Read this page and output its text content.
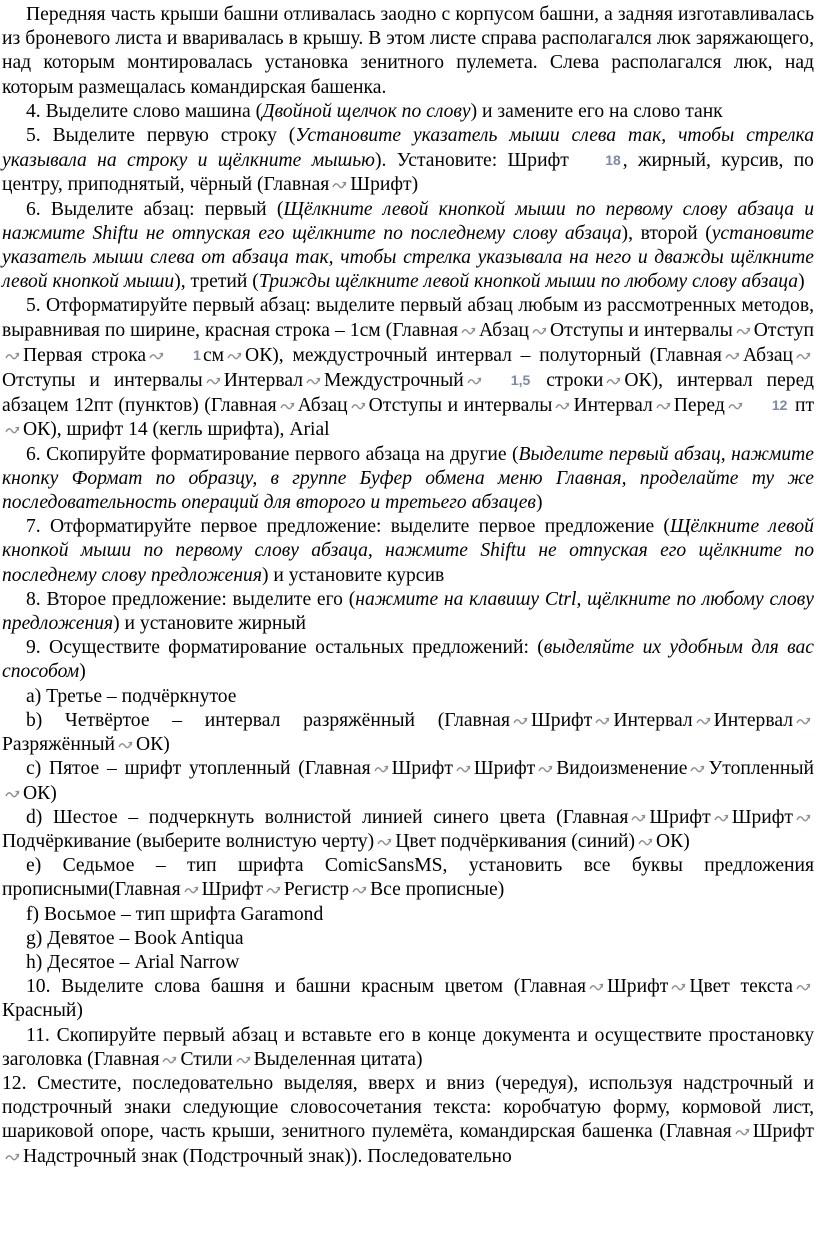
Передняя часть крыши башни отливалась заодно с корпусом башни, а задняя изготавливалась из броневого листа и вваривалась в крышу. В этом листе справа располагался люк заряжающего, над которым монтировалась установка зенитного пулемета. Слева располагался люк, над которым размещалась командирская башенка.

4. Выделите слово машина (Двойной щелчок по слову) и замените его на слово танк

5. Выделите первую строку (Установите указатель мыши слева так, чтобы стрелка указывала на строку и щёлкните мышью). Установите: Шрифт	18 , жирный, курсив, по центру, приподнятый, чёрный (Главная Шрифт)

6. Выделите абзац: первый (Щёлкните левой кнопкой мыши по первому слову абзаца и нажмите Shiftи не отпуская его щёлкните по последнему слову абзаца), второй (установите указатель мыши слева от абзаца так, чтобы стрелка указывала на него и дважды щёлкните левой кнопкой мыши), третий (Трижды щёлкните левой кнопкой мыши по любому слову абзаца)

5. Отформатируйте первый абзац: выделите первый абзац любым из рассмотренных методов, выравнивая по ширине, красная строка – 1см (Главная Абзац Отступы и интервалы Отступ
Первая строка	1 см ОК), междустрочный интервал – полуторный (Главная Абзац
Отступы и интервалы Интервал Междустрочный	1,5 строки ОК), интервал перед абзацем 12пт (пунктов) (Главная Абзац Отступы и интервалы Интервал Перед	12 пт
ОК), шрифт 14 (кегль шрифта), Arial

6. Скопируйте форматирование первого абзаца на другие (Выделите первый абзац, нажмите кнопку Формат по образцу, в группе Буфер обмена меню Главная, проделайте ту же последовательность операций для второго и третьего абзацев)

7. Отформатируйте первое предложение: выделите первое предложение (Щёлкните левой кнопкой мыши по первому слову абзаца, нажмите Shiftи не отпуская его щёлкните по последнему слову предложения) и установите курсив

8. Второе предложение: выделите его (нажмите на клавишу Ctrl, щёлкните по любому слову предложения) и установите жирный

9. Осуществите форматирование остальных предложений: (выделяйте их удобным для вас способом)

a) Третье – подчёркнутое

b) Четвёртое – интервал разряжённый (Главная Шрифт Интервал Интервал
Разряжённый ОК)

c) Пятое – шрифт утопленный (Главная Шрифт Шрифт Видоизменение Утопленный
ОК)

d) Шестое – подчеркнуть волнистой линией синего цвета (Главная Шрифт Шрифт
Подчёркивание (выберите волнистую черту) Цвет подчёркивания (синий) ОК)

e) Седьмое – тип шрифта ComicSansMS, установить все буквы предложения прописными(Главная Шрифт Регистр Все прописные)

f) Восьмое – тип шрифта Garamond

g) Девятое – Book Antiqua

h) Десятое – Arial Narrow

10. Выделите слова башня и башни красным цветом (Главная Шрифт Цвет текста
Красный)

11. Скопируйте первый абзац и вставьте его в конце документа и осуществите простановку заголовка (Главная Стили Выделенная цитата)

12. Сместите, последовательно выделяя, вверх и вниз (чередуя), используя надстрочный и подстрочный знаки следующие словосочетания текста: коробчатую форму, кормовой лист, шариковой опоре, часть крыши, зенитного пулемёта, командирская башенка (Главная Шрифт
Надстрочный знак (Подстрочный знак)). Последовательно
